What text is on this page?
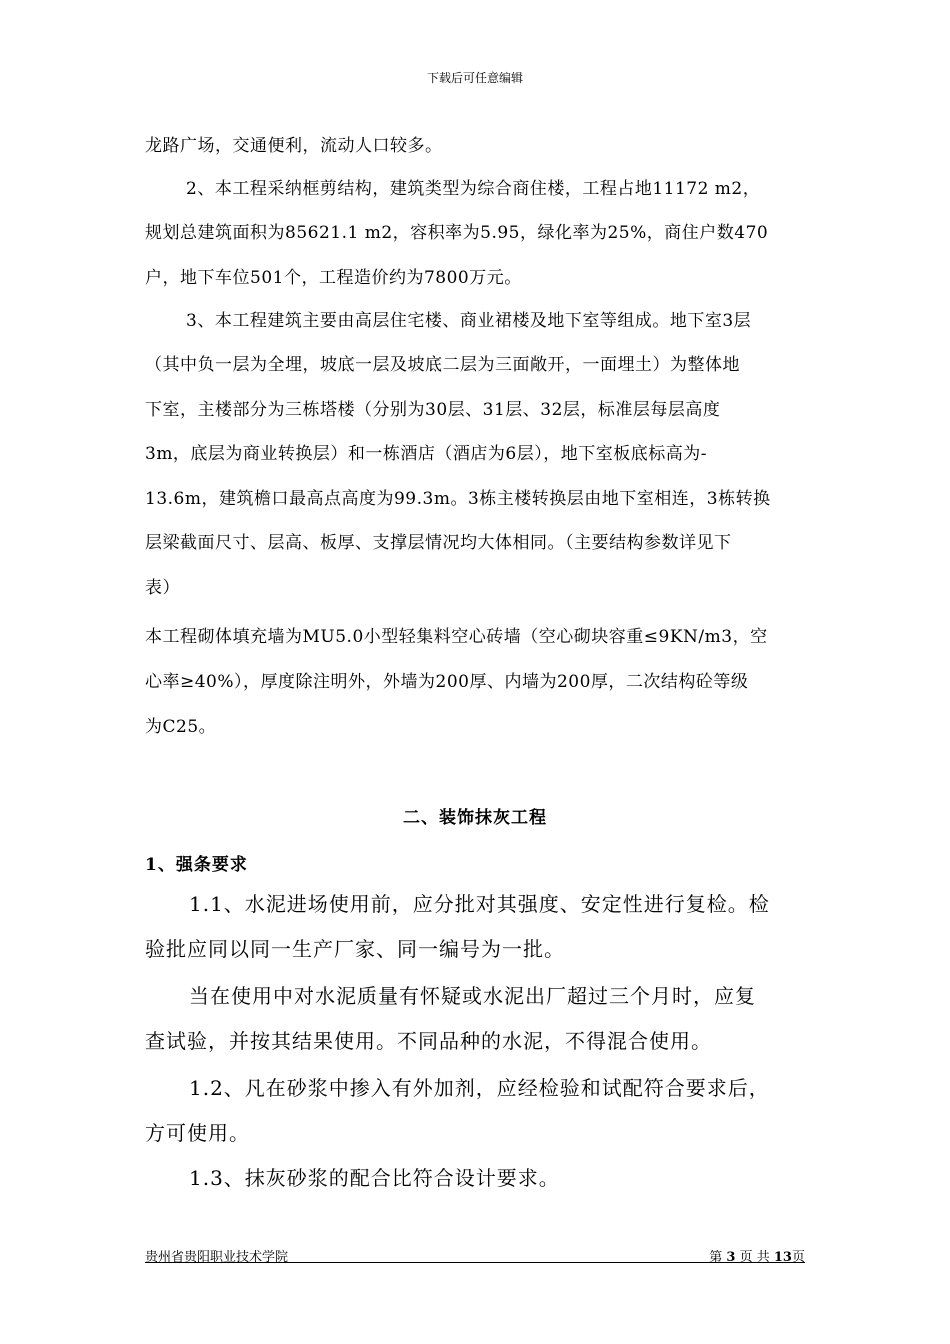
下载后可任意编辑
龙路广场，交通便利，流动人口较多。
2、本工程采纳框剪结构，建筑类型为综合商住楼，工程占地11172 m2，
规划总建筑面积为85621.1 m2，容积率为5.95，绿化率为25%，商住户数470
户，地下车位501个，工程造价约为7800万元。
3、本工程建筑主要由高层住宅楼、商业裙楼及地下室等组成。地下室3层
（其中负一层为全埋，坡底一层及坡底二层为三面敞开，一面埋土）为整体地
下室，主楼部分为三栋塔楼（分别为30层、31层、32层，标准层每层高度
3m，底层为商业转换层）和一栋酒店（酒店为6层），地下室板底标高为-
13.6m，建筑檐口最高点高度为99.3m。3栋主楼转换层由地下室相连，3栋转换
层梁截面尺寸、层高、板厚、支撑层情况均大体相同。（主要结构参数详见下
表）
本工程砌体填充墙为MU5.0小型轻集料空心砖墙（空心砌块容重≤9KN/m3，空
心率≥40%），厚度除注明外，外墙为200厚、内墙为200厚，二次结构砼等级
为C25。
二、装饰抹灰工程
1、强条要求
1.1、水泥进场使用前，应分批对其强度、安定性进行复检。检
验批应同以同一生产厂家、同一编号为一批。
当在使用中对水泥质量有怀疑或水泥出厂超过三个月时，应复
查试验，并按其结果使用。不同品种的水泥，不得混合使用。
1.2、凡在砂浆中掺入有外加剂，应经检验和试配符合要求后，
方可使用。
1.3、抹灰砂浆的配合比符合设计要求。
贵州省贵阳职业技术学院	第 3 页 共 13页
